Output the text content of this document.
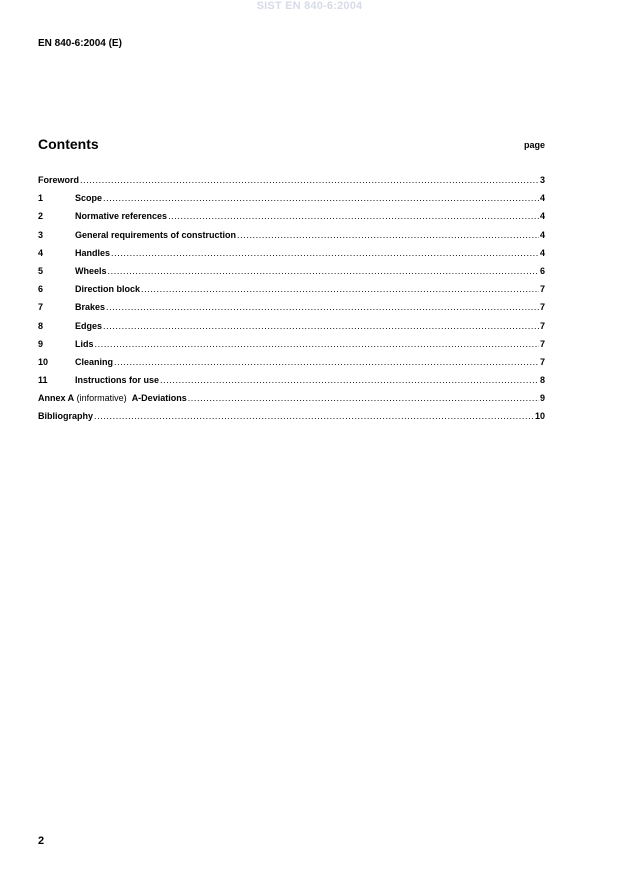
SIST EN 840-6:2004
EN 840-6:2004 (E)
Contents	page
Foreword .....	3
1	Scope .....	4
2	Normative references .....	4
3	General requirements of construction .....	4
4	Handles .....	4
5	Wheels .....	6
6	Direction block .....	7
7	Brakes .....	7
8	Edges .....	7
9	Lids .....	7
10	Cleaning .....	7
11	Instructions for use .....	8
Annex A (informative)  A-Deviations .....	9
Bibliography .....	10
2
